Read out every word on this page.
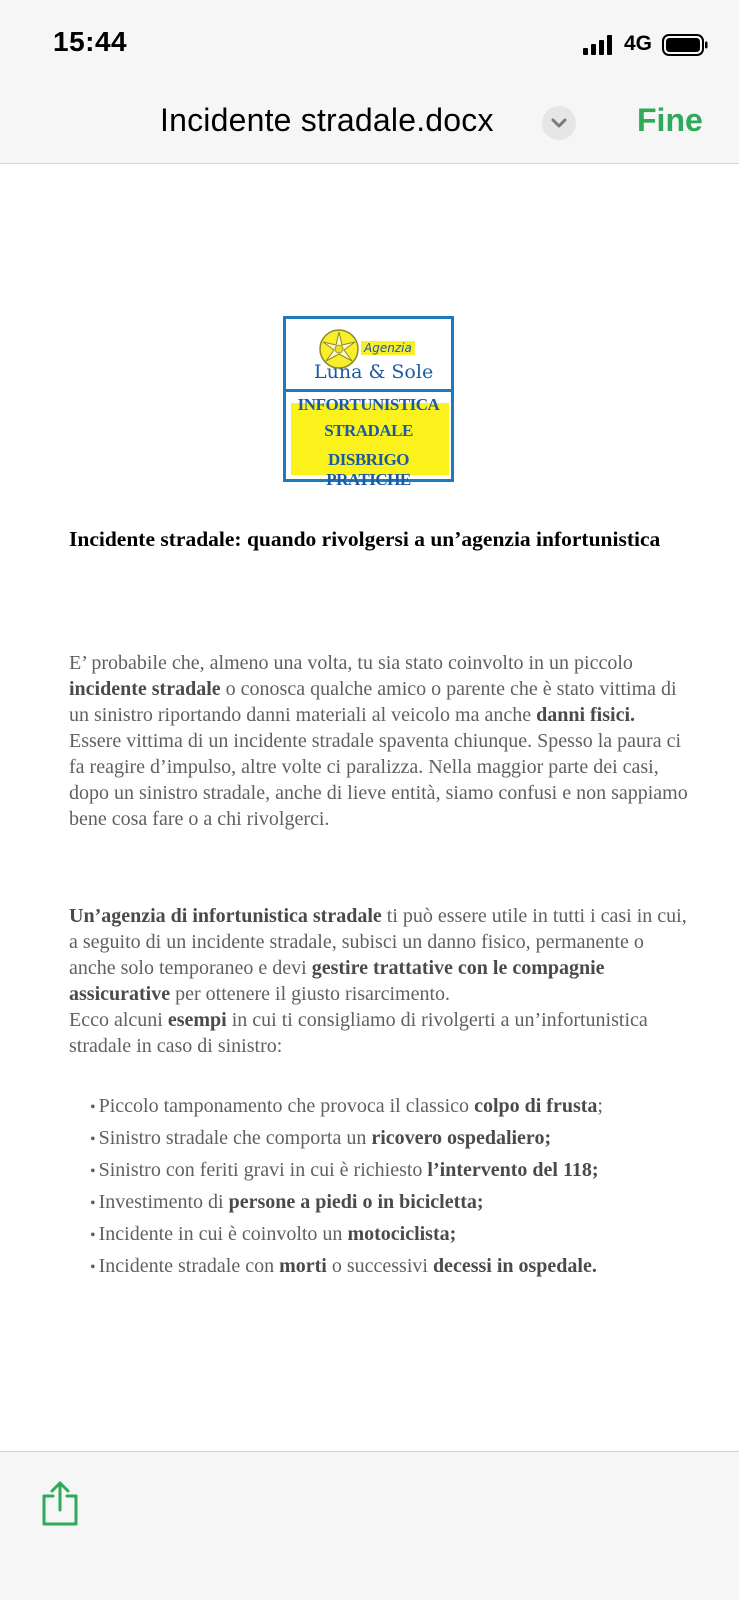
15:44	4G
Incidente stradale.docx	Fine
Agenzia
Luna & Sole
INFORTUNISTICA
STRADALE
DISBRIGO PRATICHE
Incidente stradale: quando rivolgersi a un’agenzia infortunistica
E’ probabile che, almeno una volta, tu sia stato coinvolto in un piccolo incidente stradale o conosca qualche amico o parente che è stato vittima di un sinistro riportando danni materiali al veicolo ma anche danni fisici.
Essere vittima di un incidente stradale spaventa chiunque. Spesso la paura ci fa reagire d’impulso, altre volte ci paralizza. Nella maggior parte dei casi, dopo un sinistro stradale, anche di lieve entità, siamo confusi e non sappiamo bene cosa fare o a chi rivolgerci.
Un’agenzia di infortunistica stradale ti può essere utile in tutti i casi in cui, a seguito di un incidente stradale, subisci un danno fisico, permanente o anche solo temporaneo e devi gestire trattative con le compagnie assicurative per ottenere il giusto risarcimento.
Ecco alcuni esempi in cui ti consigliamo di rivolgerti a un’infortunistica stradale in caso di sinistro:
• Piccolo tamponamento che provoca il classico colpo di frusta;
• Sinistro stradale che comporta un ricovero ospedaliero;
• Sinistro con feriti gravi in cui è richiesto l’intervento del 118;
• Investimento di persone a piedi o in bicicletta;
• Incidente in cui è coinvolto un motociclista;
• Incidente stradale con morti o successivi decessi in ospedale.
